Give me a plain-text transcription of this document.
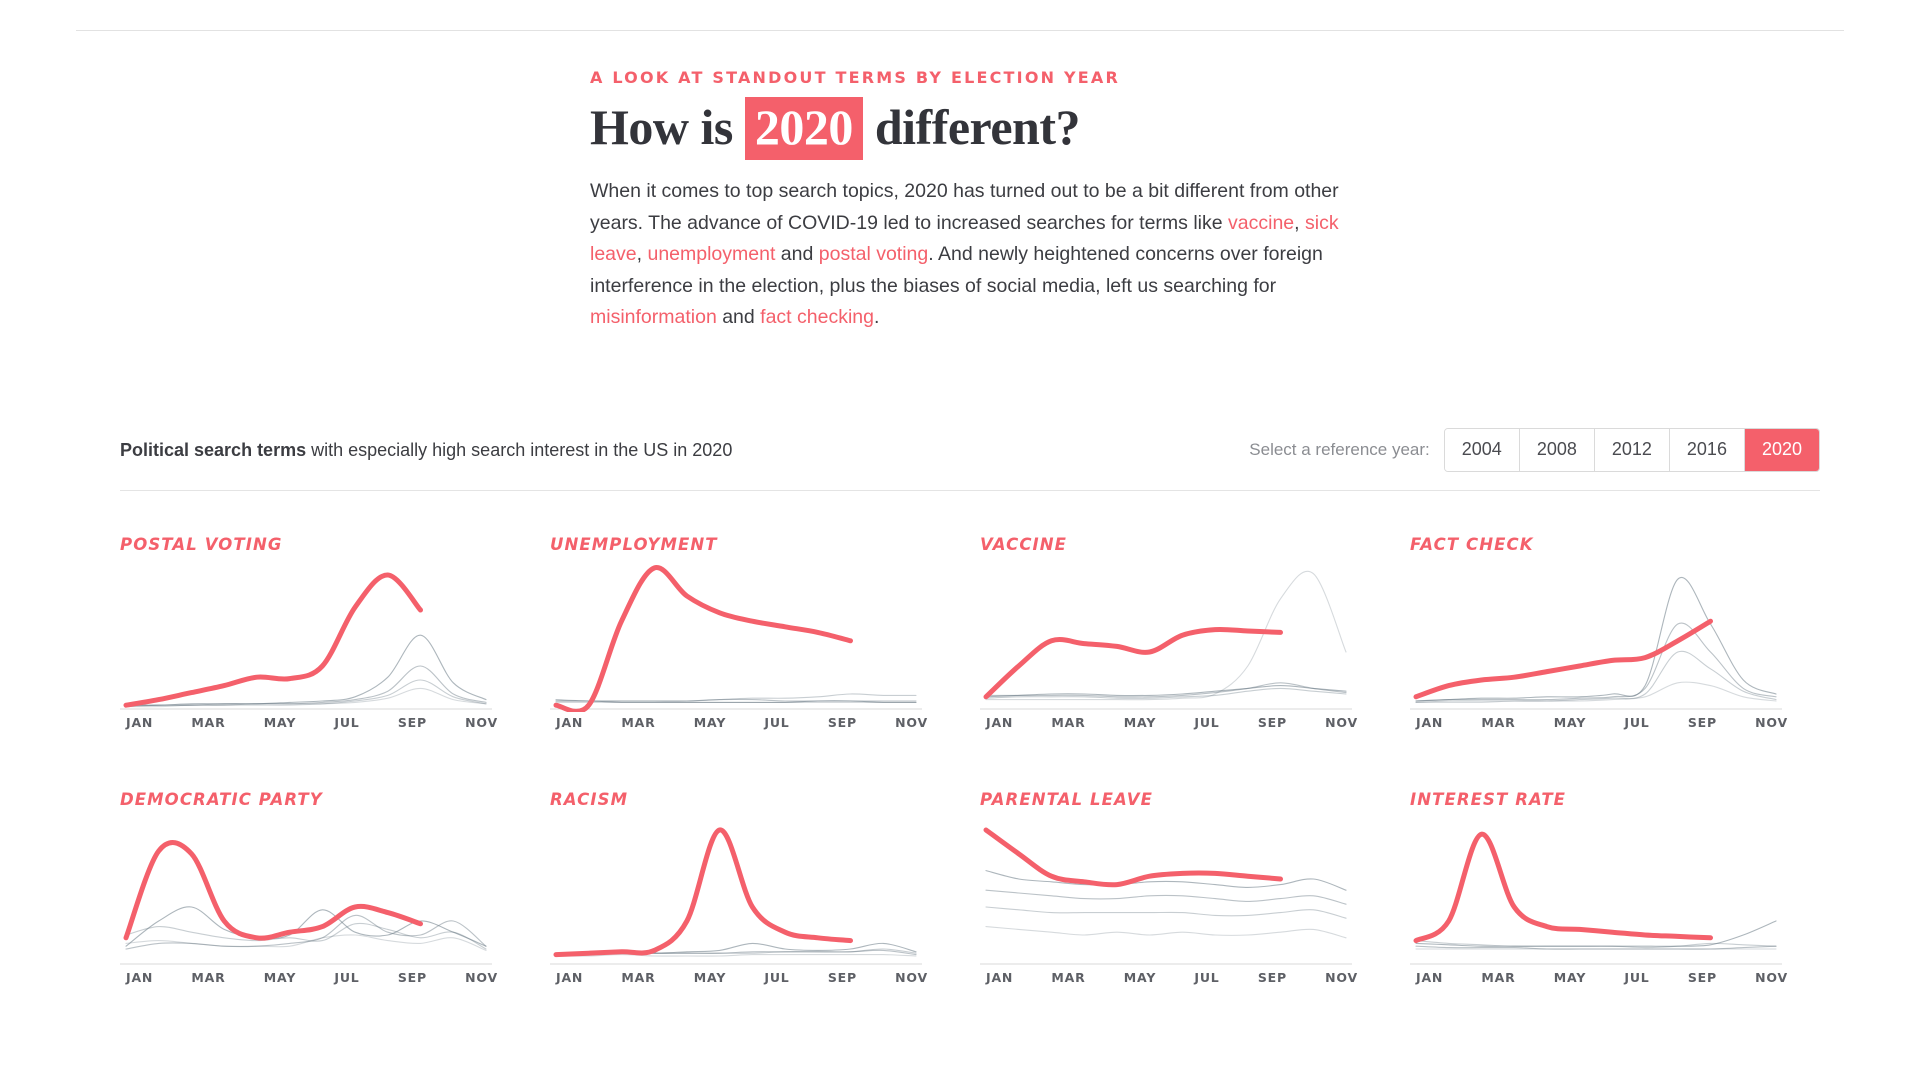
A LOOK AT STANDOUT TERMS BY ELECTION YEAR

How is 2020 different?

When it comes to top search topics, 2020 has turned out to be a bit different from other years. The advance of COVID-19 led to increased searches for terms like vaccine, sick leave, unemployment and postal voting. And newly heightened concerns over foreign interference in the election, plus the biases of social media, left us searching for misinformation and fact checking.

Political search terms with especially high search interest in the US in 2020	Select a reference year:	2004	2008	2012	2016	2020
POSTAL VOTING
JAN	MAR	MAY	JUL	SEP	NOV
UNEMPLOYMENT
JAN	MAR	MAY	JUL	SEP	NOV
VACCINE
JAN	MAR	MAY	JUL	SEP	NOV
FACT CHECK
JAN	MAR	MAY	JUL	SEP	NOV
DEMOCRATIC PARTY
JAN	MAR	MAY	JUL	SEP	NOV
RACISM
JAN	MAR	MAY	JUL	SEP	NOV
PARENTAL LEAVE
JAN	MAR	MAY	JUL	SEP	NOV
INTEREST RATE
JAN	MAR	MAY	JUL	SEP	NOV
